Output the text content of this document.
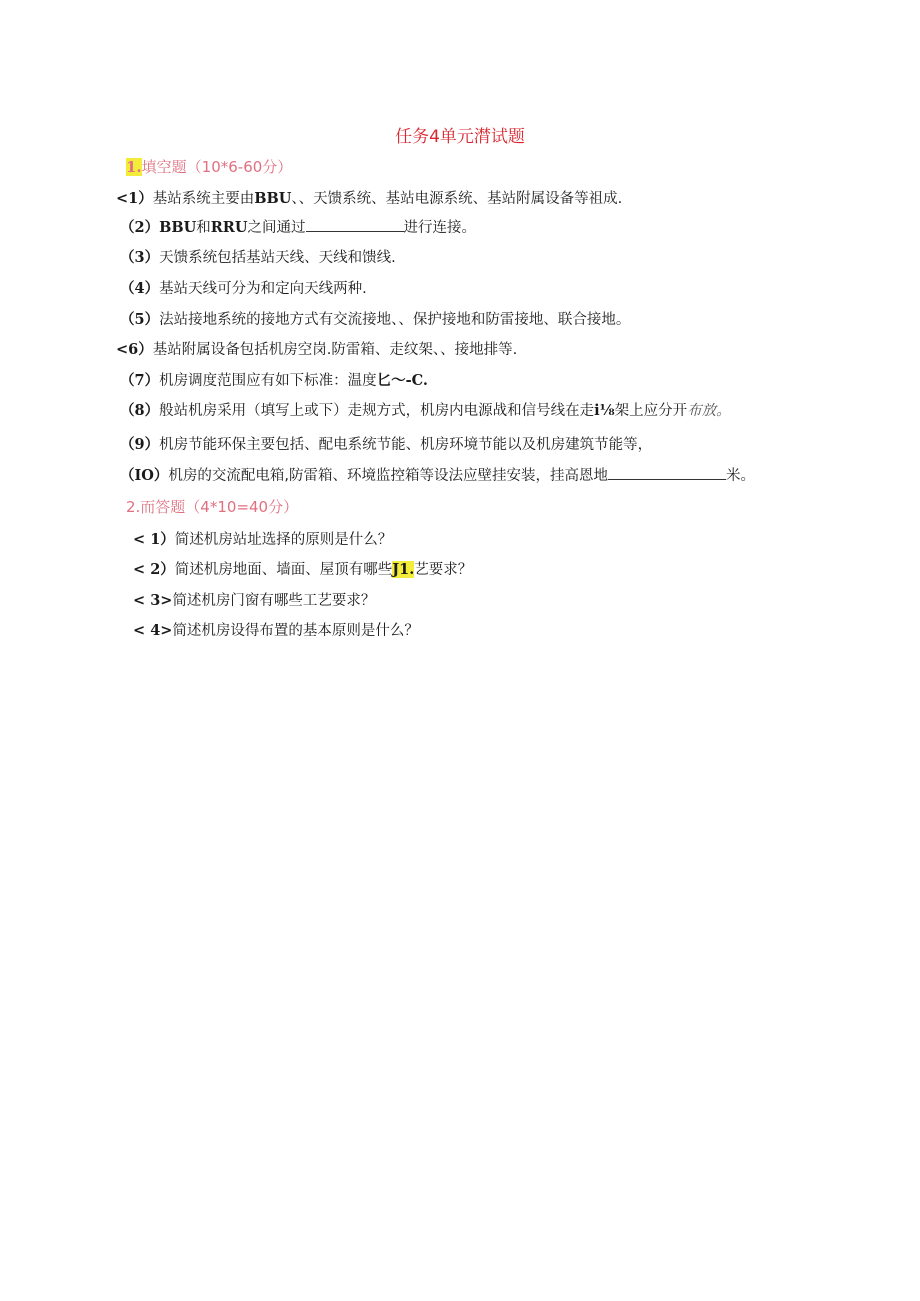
任务4单元潸试题
1.填空题（10*6-60分）
<1）基站系统主要由BBU、、天馈系统、基站电源系统、基站附属设备等祖成.
（2）BBU和RRU之间通过	进行连接。
（3）天馈系统包括基站天线、天线和馈线.
（4）基站天线可分为和定向天线两种.
（5）法站接地系统的接地方式有交流接地、、保护接地和防雷接地、联合接地。
<6）基站附属设备包括机房空岗.防雷箱、走纹架、、接地排等.
（7）机房调度范围应有如下标准：温度匕〜-C.
（8）般站机房采用（填写上或下）走规方式，机房内电源战和信号线在走i⅛架上应分开布放。
（9）机房节能环保主要包括、配电系统节能、机房环境节能以及机房建筑节能等，
（IO）机房的交流配电箱,防雷箱、环境监控箱等设法应壁挂安装，挂高恩地	米。
2.而答题（4*10=40分）
< 1）简述机房站址选择的原则是什么？
< 2）简述机房地面、墙面、屋顶有哪些J1.艺要求？
< 3>简述机房门窗有哪些工艺要求？
< 4>简述机房设得布置的基本原则是什么？
